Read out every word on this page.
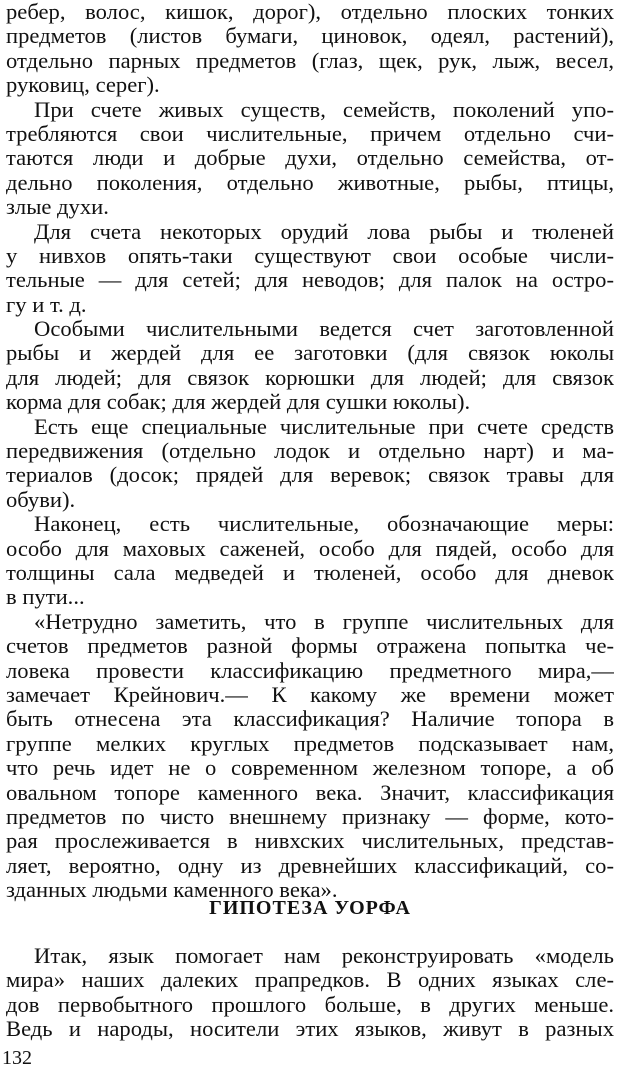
ребер, волос, кишок, дорог), отдельно плоских тонких
предметов (листов бумаги, циновок, одеял, растений),
отдельно парных предметов (глаз, щек, рук, лыж, весел,
руковиц, серег).
При счете живых существ, семейств, поколений упо-
требляются свои числительные, причем отдельно счи-
таются люди и добрые духи, отдельно семейства, от-
дельно поколения, отдельно животные, рыбы, птицы,
злые духи.
Для счета некоторых орудий лова рыбы и тюленей
у нивхов опять-таки существуют свои особые числи-
тельные — для сетей; для неводов; для палок на остро-
гу и т. д.
Особыми числительными ведется счет заготовленной
рыбы и жердей для ее заготовки (для связок юколы
для людей; для связок корюшки для людей; для связок
корма для собак; для жердей для сушки юколы).
Есть еще специальные числительные при счете средств
передвижения (отдельно лодок и отдельно нарт) и ма-
териалов (досок; прядей для веревок; связок травы для
обуви).
Наконец, есть числительные, обозначающие меры:
особо для маховых саженей, особо для пядей, особо для
толщины сала медведей и тюленей, особо для дневок
в пути...
«Нетрудно заметить, что в группе числительных для
счетов предметов разной формы отражена попытка че-
ловека провести классификацию предметного мира,—
замечает Крейнович.— К какому же времени может
быть отнесена эта классификация? Наличие топора в
группе мелких круглых предметов подсказывает нам,
что речь идет не о современном железном топоре, а об
овальном топоре каменного века. Значит, классификация
предметов по чисто внешнему признаку — форме, кото-
рая прослеживается в нивхских числительных, представ-
ляет, вероятно, одну из древнейших классификаций, со-
зданных людьми каменного века».
ГИПОТЕЗА УОРФА
Итак, язык помогает нам реконструировать «модель
мира» наших далеких прапредков. В одних языках сле-
дов первобытного прошлого больше, в других меньше.
Ведь и народы, носители этих языков, живут в разных
132
